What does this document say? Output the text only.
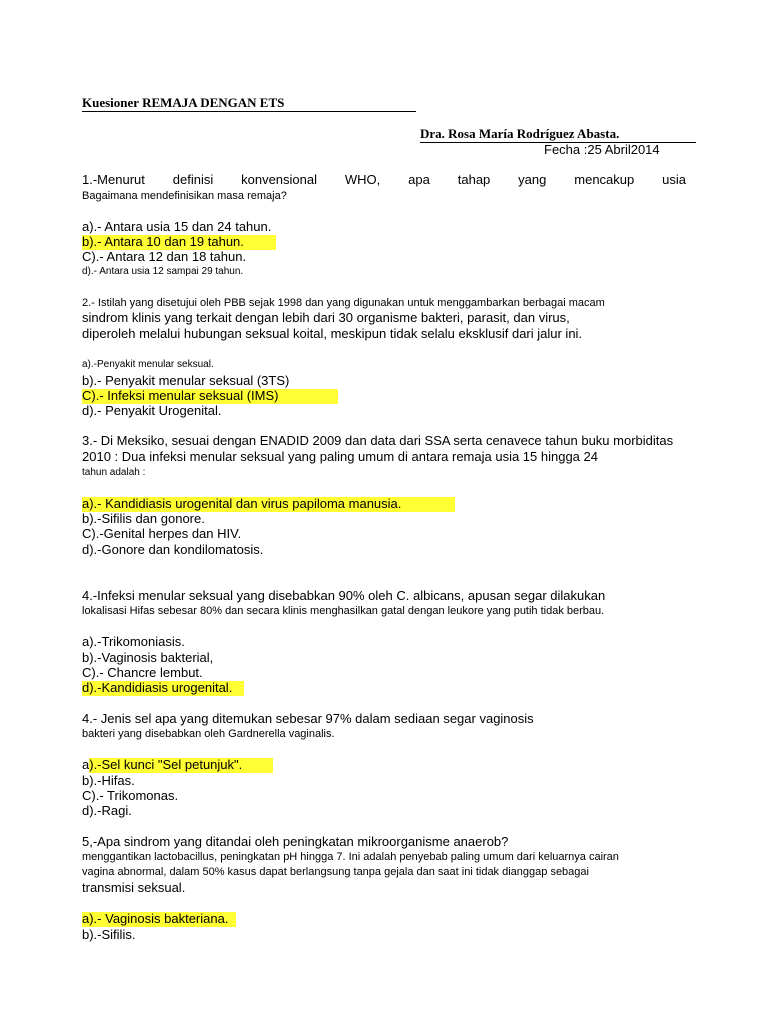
Kuesioner REMAJA DENGAN ETS
Dra. Rosa María Rodríguez Abasta.
Fecha :25 Abril2014
1.-Menurut definisi konvensional WHO, apa tahap yang mencakup usia
Bagaimana mendefinisikan masa remaja?
a).- Antara usia 15 dan 24 tahun.
b).- Antara 10 dan 19 tahun.
C).- Antara 12 dan 18 tahun.
d).- Antara usia 12 sampai 29 tahun.
2.- Istilah yang disetujui oleh PBB sejak 1998 dan yang digunakan untuk menggambarkan berbagai macam
sindrom klinis yang terkait dengan lebih dari 30 organisme bakteri, parasit, dan virus,
diperoleh melalui hubungan seksual koital, meskipun tidak selalu eksklusif dari jalur ini.
a).-Penyakit menular seksual.
b).- Penyakit menular seksual (3TS)
C).- Infeksi menular seksual (IMS)
d).- Penyakit Urogenital.
3.- Di Meksiko, sesuai dengan ENADID 2009 dan data dari SSA serta cenavece tahun buku morbiditas
2010 : Dua infeksi menular seksual yang paling umum di antara remaja usia 15 hingga 24
tahun adalah :
a).- Kandidiasis urogenital dan virus papiloma manusia.
b).-Sifilis dan gonore.
C).-Genital herpes dan HIV.
d).-Gonore dan kondilomatosis.
4.-Infeksi menular seksual yang disebabkan 90% oleh C. albicans, apusan segar dilakukan
lokalisasi Hifas sebesar 80% dan secara klinis menghasilkan gatal dengan leukore yang putih tidak berbau.
a).-Trikomoniasis.
b).-Vaginosis bakterial,
C).- Chancre lembut.
d).-Kandidiasis urogenital.
4.- Jenis sel apa yang ditemukan sebesar 97% dalam sediaan segar vaginosis
bakteri yang disebabkan oleh Gardnerella vaginalis.
a).-Sel kunci "Sel petunjuk".
b).-Hifas.
C).- Trikomonas.
d).-Ragi.
5,-Apa sindrom yang ditandai oleh peningkatan mikroorganisme anaerob?
menggantikan lactobacillus, peningkatan pH hingga 7. Ini adalah penyebab paling umum dari keluarnya cairan
vagina abnormal, dalam 50% kasus dapat berlangsung tanpa gejala dan saat ini tidak dianggap sebagai
transmisi seksual.
a).- Vaginosis bakteriana.
b).-Sifilis.
